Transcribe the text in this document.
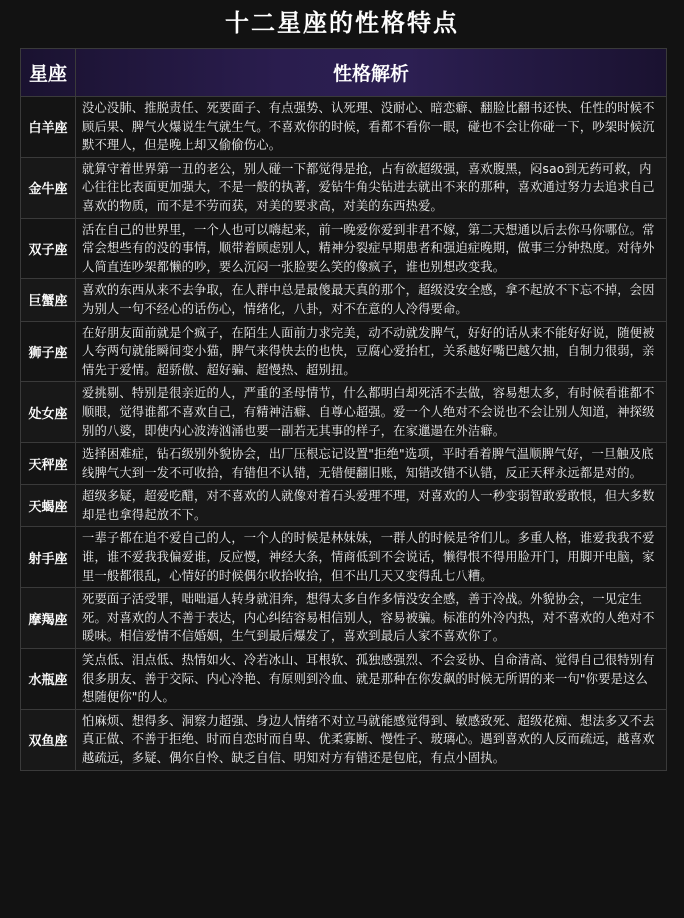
十二星座的性格特点
星座	性格解析
白羊座
没心没肺、推脱责任、死要面子、有点强势、认死理、没耐心、暗恋癖、翻脸比翻书还快、任性的时候不顾后果、脾气火爆说生气就生气。不喜欢你的时候，看都不看你一眼，碰也不会让你碰一下，吵架时候沉默不理人，但是晚上却又偷偷伤心。
金牛座
就算守着世界第一丑的老公，别人碰一下都觉得是抢，占有欲超级强，喜欢腹黑，闷sao到无药可救，内心往往比表面更加强大，不是一般的执著，爱钻牛角尖钻进去就出不来的那种，喜欢通过努力去追求自己喜欢的物质，而不是不劳而获，对美的要求高，对美的东西热爱。
双子座
活在自己的世界里，一个人也可以嗨起来，前一晚爱你爱到非君不嫁，第二天想通以后去你马你哪位。常常会想些有的没的事情，顺带着顾虑别人，精神分裂症早期患者和强迫症晚期，做事三分钟热度。对待外人简直连吵架都懒的吵，要么沉闷一张脸要么笑的像疯子，谁也别想改变我。
巨蟹座
喜欢的东西从来不去争取，在人群中总是最傻最天真的那个，超级没安全感，拿不起放不下忘不掉，会因为别人一句不经心的话伤心，情绪化，八卦，对不在意的人冷得要命。
狮子座
在好朋友面前就是个疯子，在陌生人面前力求完美，动不动就发脾气，好好的话从来不能好好说，随便被人夸两句就能瞬间变小猫，脾气来得快去的也快，豆腐心爱抬杠，关系越好嘴巴越欠抽，自制力很弱，亲情先于爱情。超骄傲、超好骗、超慢热、超别扭。
处女座
爱挑剔、特别是很亲近的人，严重的圣母情节，什么都明白却死活不去做，容易想太多，有时候看谁都不顺眼，觉得谁都不喜欢自己，有精神洁癖、自尊心超强。爱一个人绝对不会说也不会让别人知道，神探级别的八婆，即使内心波涛汹涌也要一副若无其事的样子，在家邋遢在外洁癖。
天秤座
选择困难症，钻石级别外貌协会，出厂压根忘记设置"拒绝"选项，平时看着脾气温顺脾气好，一旦触及底线脾气大到一发不可收拾，有错但不认错，无错便翻旧账，知错改错不认错，反正天秤永远都是对的。
天蝎座
超级多疑，超爱吃醋，对不喜欢的人就像对着石头爱理不理，对喜欢的人一秒变弱智敢爱敢恨，但大多数却是也拿得起放不下。
射手座
一辈子都在追不爱自己的人，一个人的时候是林妹妹，一群人的时候是爷们儿。多重人格，谁爱我我不爱谁，谁不爱我我偏爱谁，反应慢，神经大条，情商低到不会说话，懒得恨不得用脸开门，用脚开电脑，家里一般都很乱，心情好的时候偶尔收拾收拾，但不出几天又变得乱七八糟。
摩羯座
死要面子活受罪，咄咄逼人转身就泪奔，想得太多自作多情没安全感，善于冷战。外貌协会，一见定生死。对喜欢的人不善于表达，内心纠结容易相信别人，容易被骗。标准的外冷内热，对不喜欢的人绝对不暖味。相信爱情不信婚姻，生气到最后爆发了，喜欢到最后人家不喜欢你了。
水瓶座
笑点低、泪点低、热情如火、冷若冰山、耳根软、孤独感强烈、不会妥协、自命清高、觉得自己很特别有很多朋友、善于交际、内心冷艳、有原则到冷血、就是那种在你发飙的时候无所谓的来一句"你要是这么想随便你"的人。
双鱼座
怕麻烦、想得多、洞察力超强、身边人情绪不对立马就能感觉得到、敏感致死、超级花痴、想法多又不去真正做、不善于拒绝、时而自恋时而自卑、优柔寡断、慢性子、玻璃心。遇到喜欢的人反而疏远，越喜欢越疏远，多疑、偶尔自怜、缺乏自信、明知对方有错还是包庇，有点小固执。
